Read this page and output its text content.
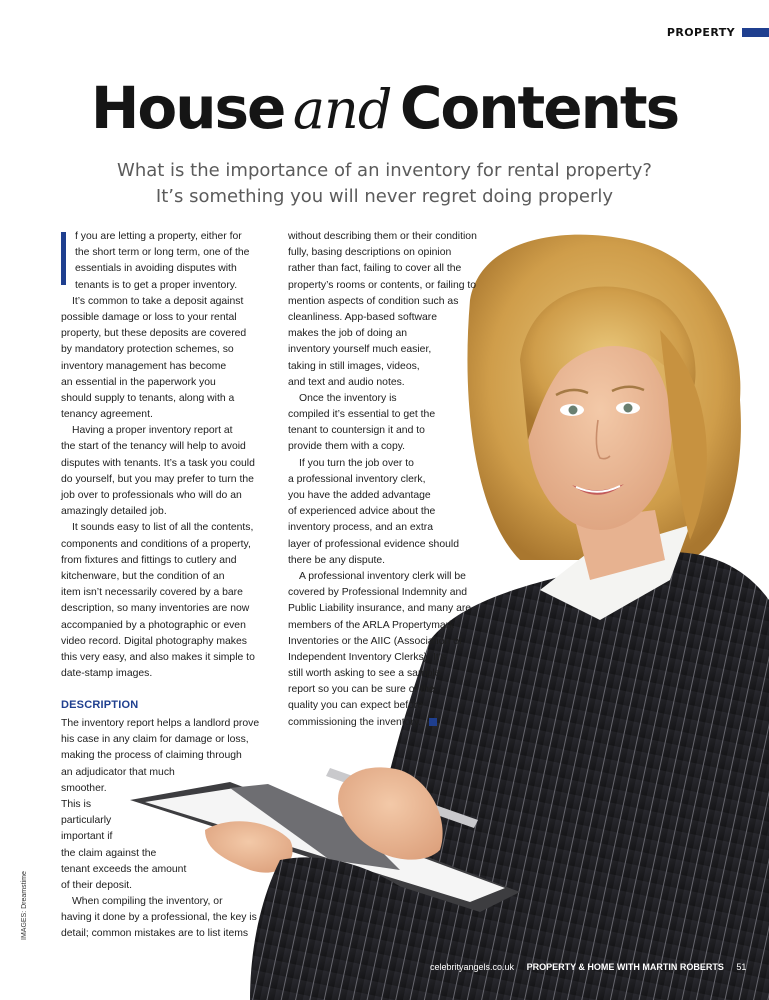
PROPERTY
House and Contents
What is the importance of an inventory for rental property?
It’s something you will never regret doing properly
f you are letting a property, either for
the short term or long term, one of the
essentials in avoiding disputes with
tenants is to get a proper inventory.
It’s common to take a deposit against
possible damage or loss to your rental
property, but these deposits are covered
by mandatory protection schemes, so
inventory management has become
an essential in the paperwork you
should supply to tenants, along with a
tenancy agreement.
Having a proper inventory report at
the start of the tenancy will help to avoid
disputes with tenants. It’s a task you could
do yourself, but you may prefer to turn the
job over to professionals who will do an
amazingly detailed job.
It sounds easy to list of all the contents,
components and conditions of a property,
from fixtures and fittings to cutlery and
kitchenware, but the condition of an
item isn’t necessarily covered by a bare
description, so many inventories are now
accompanied by a photographic or even
video record. Digital photography makes
this very easy, and also makes it simple to
date-stamp images.
DESCRIPTION
The inventory report helps a landlord prove
his case in any claim for damage or loss,
making the process of claiming through
an adjudicator that much
smoother.
This is
particularly
important if
the claim against the
tenant exceeds the amount
of their deposit.
When compiling the inventory, or
having it done by a professional, the key is
detail; common mistakes are to list items
without describing them or their condition
fully, basing descriptions on opinion
rather than fact, failing to cover all the
property’s rooms or contents, or failing to
mention aspects of condition such as
cleanliness. App-based software
makes the job of doing an
inventory yourself much easier,
taking in still images, videos,
and text and audio notes.
Once the inventory is
compiled it’s essential to get the
tenant to countersign it and to
provide them with a copy.
If you turn the job over to
a professional inventory clerk,
you have the added advantage
of experienced advice about the
inventory process, and an extra
layer of professional evidence should
there be any dispute.
A professional inventory clerk will be
covered by Professional Indemnity and
Public Liability insurance, and many are
members of the ARLA Propertymark
Inventories or the AIIC (Association of
Independent Inventory Clerks). It’s
still worth asking to see a sample
report so you can be sure of the
quality you can expect before
commissioning the inventory.
IMAGES: Dreamstime
celebrityangels.co.uk PROPERTY & HOME WITH MARTIN ROBERTS 51
